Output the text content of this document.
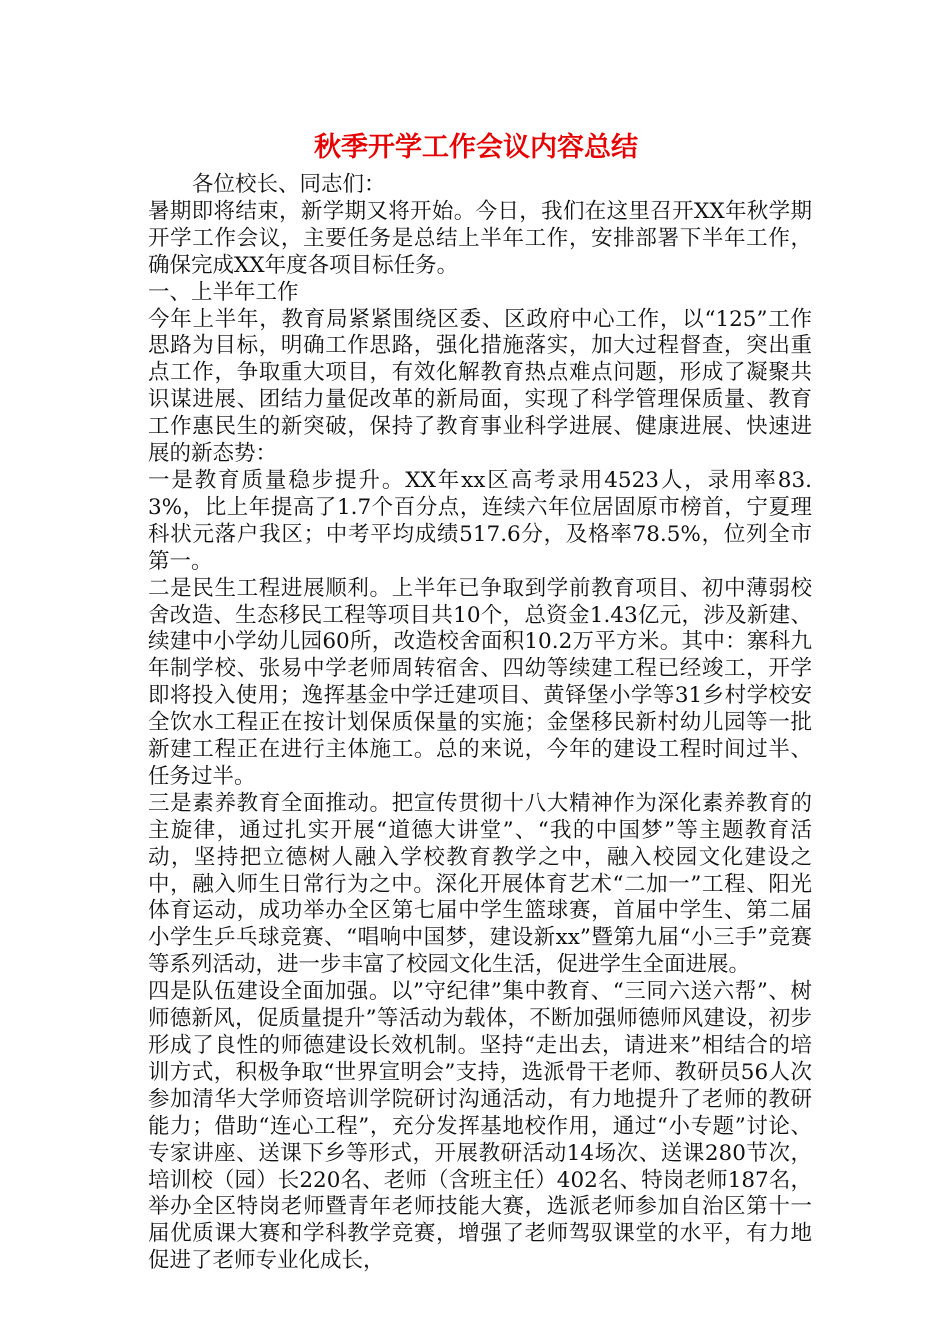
秋季开学工作会议内容总结

各位校长、同志们：

暑期即将结束，新学期又将开始。今日，我们在这里召开XX年秋学期开学工作会议，主要任务是总结上半年工作，安排部署下半年工作，确保完成XX年度各项目标任务。

一、上半年工作

今年上半年，教育局紧紧围绕区委、区政府中心工作，以“125”工作思路为目标，明确工作思路，强化措施落实，加大过程督查，突出重点工作，争取重大项目，有效化解教育热点难点问题，形成了凝聚共识谋进展、团结力量促改革的新局面，实现了科学管理保质量、教育工作惠民生的新突破，保持了教育事业科学进展、健康进展、快速进展的新态势：

一是教育质量稳步提升。XX年xx区高考录用4523人，录用率83.3%，比上年提高了1.7个百分点，连续六年位居固原市榜首，宁夏理科状元落户我区；中考平均成绩517.6分，及格率78.5%，位列全市第一。

二是民生工程进展顺利。上半年已争取到学前教育项目、初中薄弱校舍改造、生态移民工程等项目共10个，总资金1.43亿元，涉及新建、续建中小学幼儿园60所，改造校舍面积10.2万平方米。其中：寨科九年制学校、张易中学老师周转宿舍、四幼等续建工程已经竣工，开学即将投入使用；逸挥基金中学迁建项目、黄铎堡小学等31乡村学校安全饮水工程正在按计划保质保量的实施；金堡移民新村幼儿园等一批新建工程正在进行主体施工。总的来说，今年的建设工程时间过半、任务过半。

三是素养教育全面推动。把宣传贯彻十八大精神作为深化素养教育的主旋律，通过扎实开展“道德大讲堂”、“我的中国梦”等主题教育活动，坚持把立德树人融入学校教育教学之中，融入校园文化建设之中，融入师生日常行为之中。深化开展体育艺术“二加一”工程、阳光体育运动，成功举办全区第七届中学生篮球赛，首届中学生、第二届小学生乒乓球竞赛、“唱响中国梦，建设新xx”暨第九届“小三手”竞赛等系列活动，进一步丰富了校园文化生活，促进学生全面进展。

四是队伍建设全面加强。以”守纪律”集中教育、“三同六送六帮”、树师德新风，促质量提升”等活动为载体，不断加强师德师风建设，初步形成了良性的师德建设长效机制。坚持“走出去，请进来”相结合的培训方式，积极争取“世界宣明会”支持，选派骨干老师、教研员56人次参加清华大学师资培训学院研讨沟通活动，有力地提升了老师的教研能力；借助“连心工程”，充分发挥基地校作用，通过“小专题”讨论、专家讲座、送课下乡等形式，开展教研活动14场次、送课280节次，培训校（园）长220名、老师（含班主任）402名、特岗老师187名，举办全区特岗老师暨青年老师技能大赛，选派老师参加自治区第十一届优质课大赛和学科教学竞赛，增强了老师驾驭课堂的水平，有力地促进了老师专业化成长，
